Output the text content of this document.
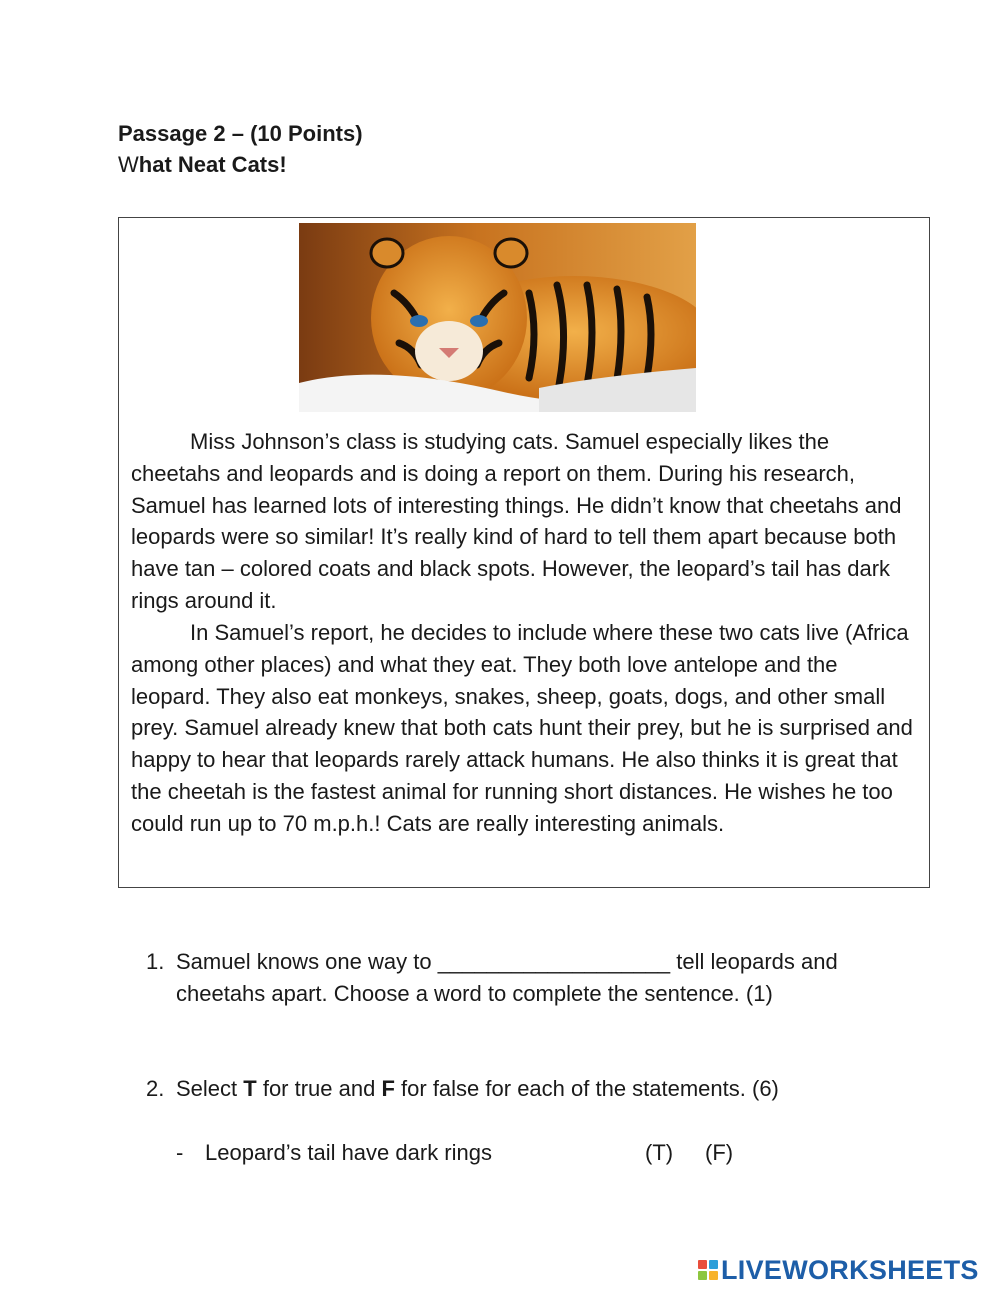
Passage 2 – (10 Points)
What Neat Cats!

Miss Johnson’s class is studying cats. Samuel especially likes the cheetahs and leopards and is doing a report on them. During his research, Samuel has learned lots of interesting things. He didn’t know that cheetahs and leopards were so similar! It’s really kind of hard to tell them apart because both have tan – colored coats and black spots. However, the leopard’s tail has dark rings around it.

In Samuel’s report, he decides to include where these two cats live (Africa among other places) and what they eat. They both love antelope and the leopard. They also eat monkeys, snakes, sheep, goats, dogs, and other small prey. Samuel already knew that both cats hunt their prey, but he is surprised and happy to hear that leopards rarely attack humans. He also thinks it is great that the cheetah is the fastest animal for running short distances. He wishes he too could run up to 70 m.p.h.! Cats are really interesting animals.

1. Samuel knows one way to ___________________ tell leopards and cheetahs apart. Choose a word to complete the sentence. (1)
2. Select T for true and F for false for each of the statements. (6)
- Leopard’s tail have dark rings	(T) (F)
LIVEWORKSHEETS
